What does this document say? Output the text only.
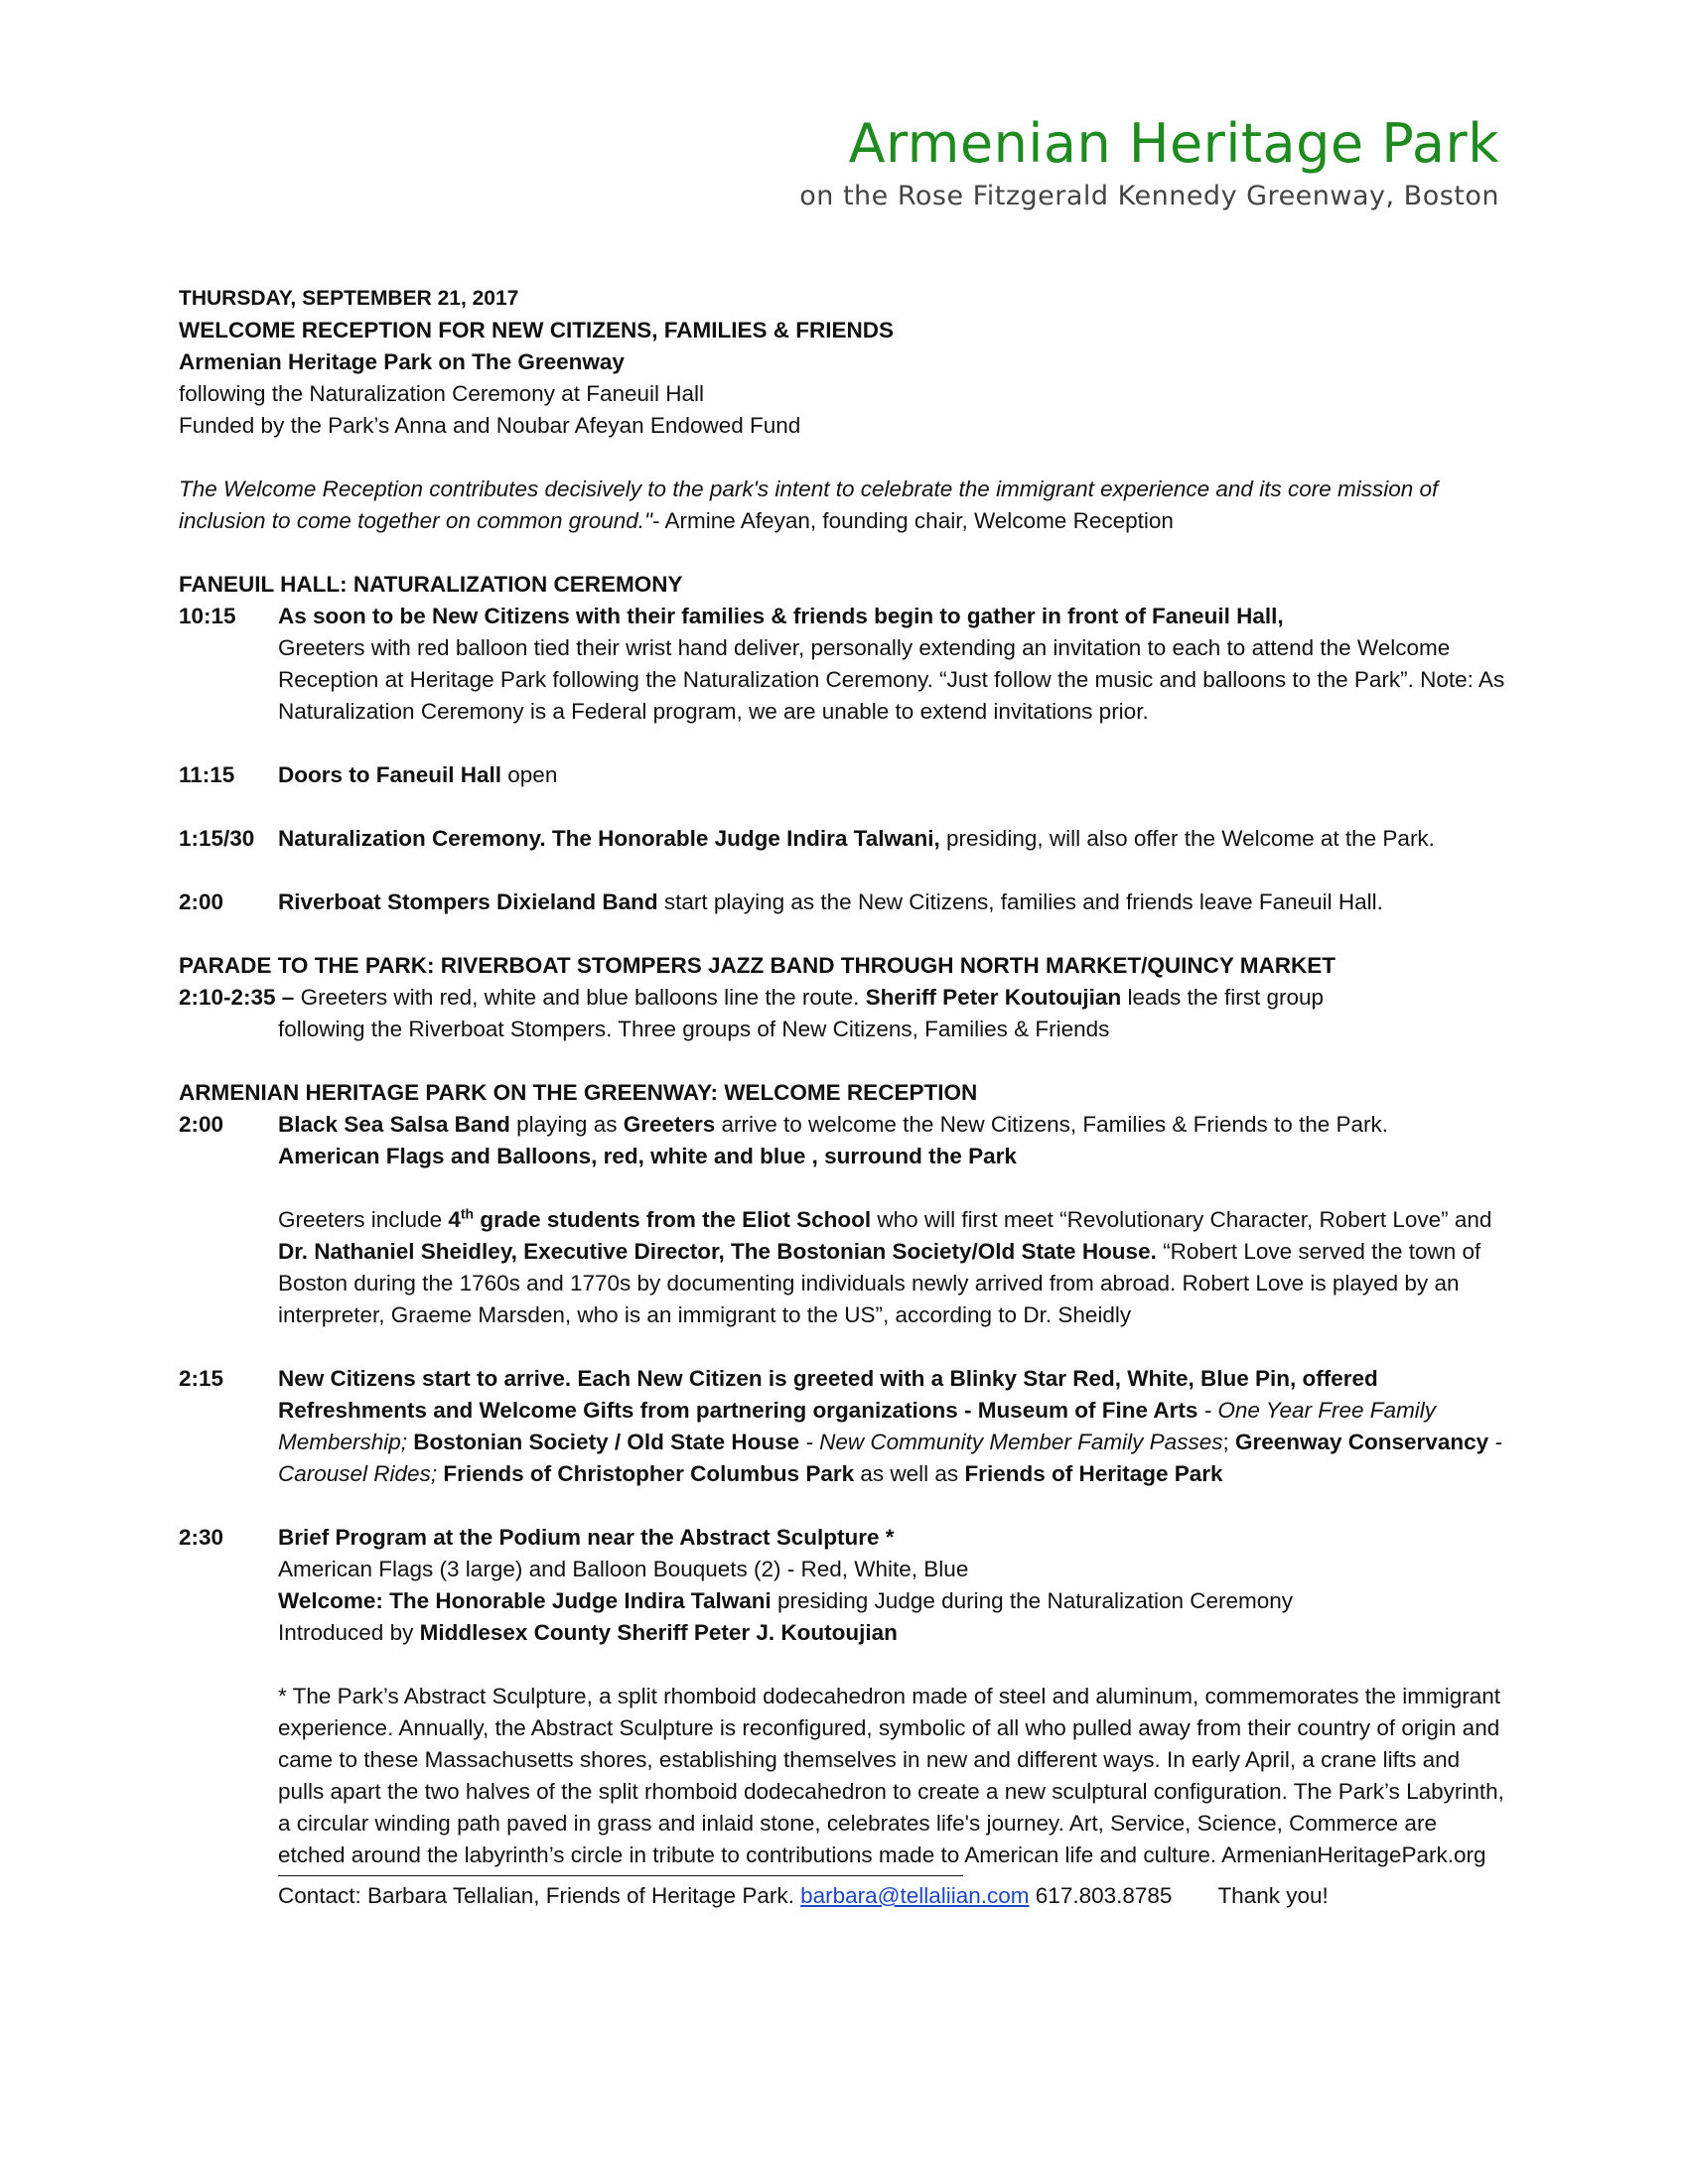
Armenian Heritage Park
on the Rose Fitzgerald Kennedy Greenway, Boston
THURSDAY, SEPTEMBER 21, 2017
WELCOME RECEPTION FOR NEW CITIZENS, FAMILIES & FRIENDS
Armenian Heritage Park on The Greenway
following the Naturalization Ceremony at Faneuil Hall
Funded by the Park’s Anna and Noubar Afeyan Endowed Fund
The Welcome Reception contributes decisively to the park's intent to celebrate the immigrant experience and its core mission of inclusion to come together on common ground."- Armine Afeyan, founding chair, Welcome Reception
FANEUIL HALL: NATURALIZATION CEREMONY
10:15	As soon to be New Citizens with their families & friends begin to gather in front of Faneuil Hall,
Greeters with red balloon tied their wrist hand deliver, personally extending an invitation to each to attend the Welcome Reception at Heritage Park following the Naturalization Ceremony. “Just follow the music and balloons to the Park”. Note: As Naturalization Ceremony is a Federal program, we are unable to extend invitations prior.
11:15	Doors to Faneuil Hall open
1:15/30	Naturalization Ceremony. The Honorable Judge Indira Talwani, presiding, will also offer the Welcome at the Park.
2:00	Riverboat Stompers Dixieland Band start playing as the New Citizens, families and friends leave Faneuil Hall.
PARADE TO THE PARK: RIVERBOAT STOMPERS JAZZ BAND THROUGH NORTH MARKET/QUINCY MARKET
2:10-2:35 – Greeters with red, white and blue balloons line the route. Sheriff Peter Koutoujian leads the first group
following the Riverboat Stompers. Three groups of New Citizens, Families & Friends
ARMENIAN HERITAGE PARK ON THE GREENWAY: WELCOME RECEPTION
2:00	Black Sea Salsa Band playing as Greeters arrive to welcome the New Citizens, Families & Friends to the Park.
American Flags and Balloons, red, white and blue , surround the Park
Greeters include 4th grade students from the Eliot School who will first meet “Revolutionary Character, Robert Love” and Dr. Nathaniel Sheidley, Executive Director, The Bostonian Society/Old State House. “Robert Love served the town of Boston during the 1760s and 1770s by documenting individuals newly arrived from abroad. Robert Love is played by an interpreter, Graeme Marsden, who is an immigrant to the US”, according to Dr. Sheidly
2:15	New Citizens start to arrive. Each New Citizen is greeted with a Blinky Star Red, White, Blue Pin, offered Refreshments and Welcome Gifts from partnering organizations - Museum of Fine Arts - One Year Free Family Membership; Bostonian Society / Old State House - New Community Member Family Passes; Greenway Conservancy - Carousel Rides; Friends of Christopher Columbus Park as well as Friends of Heritage Park
2:30	Brief Program at the Podium near the Abstract Sculpture *
American Flags (3 large) and Balloon Bouquets (2) - Red, White, Blue
Welcome: The Honorable Judge Indira Talwani presiding Judge during the Naturalization Ceremony
Introduced by Middlesex County Sheriff Peter J. Koutoujian
* The Park’s Abstract Sculpture, a split rhomboid dodecahedron made of steel and aluminum, commemorates the immigrant experience. Annually, the Abstract Sculpture is reconfigured, symbolic of all who pulled away from their country of origin and came to these Massachusetts shores, establishing themselves in new and different ways. In early April, a crane lifts and pulls apart the two halves of the split rhomboid dodecahedron to create a new sculptural configuration. The Park’s Labyrinth, a circular winding path paved in grass and inlaid stone, celebrates life's journey. Art, Service, Science, Commerce are etched around the labyrinth’s circle in tribute to contributions made to American life and culture. ArmenianHeritagePark.org
Contact: Barbara Tellalian, Friends of Heritage Park. barbara@tellaliian.com 617.803.8785 Thank you!
